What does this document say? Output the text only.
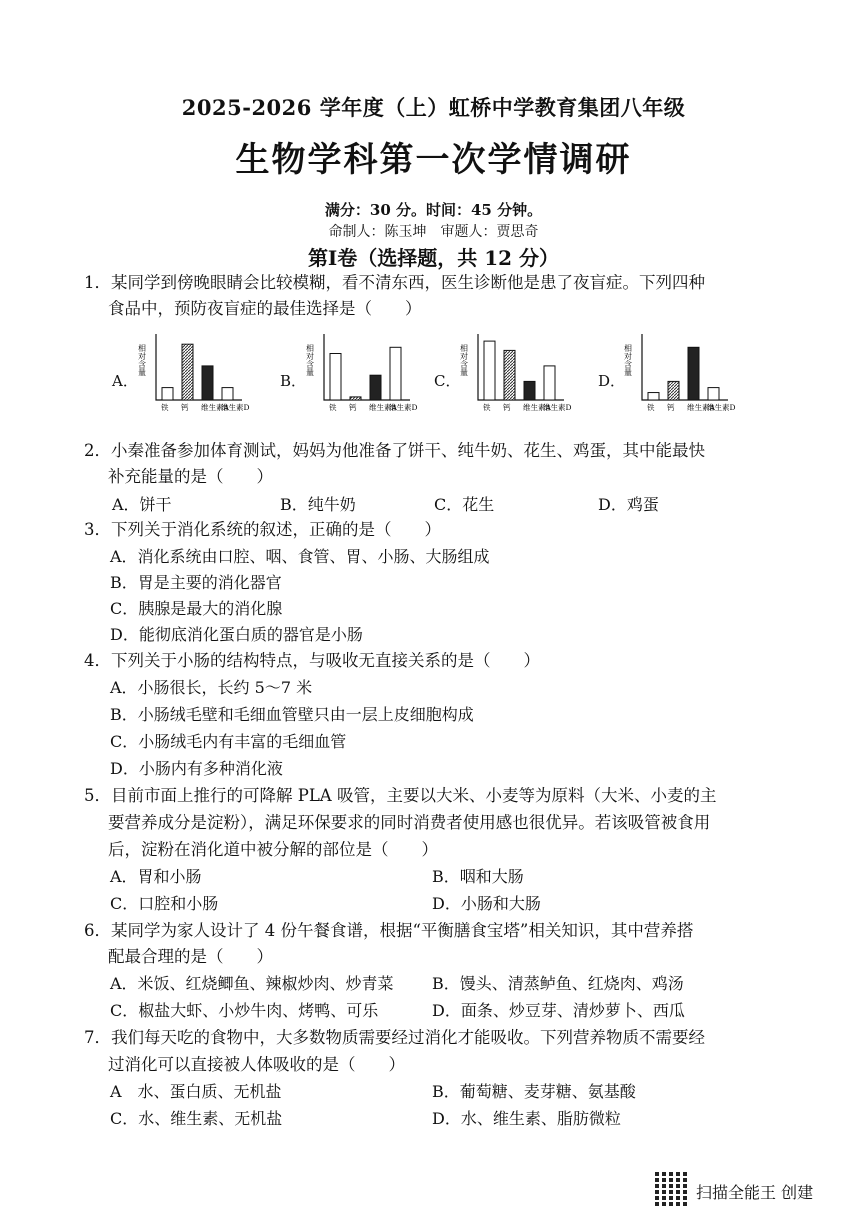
2025-2026 学年度（上）虹桥中学教育集团八年级
生物学科第一次学情调研
满分：30 分。时间：45 分钟。
命制人：陈玉坤　审题人：贾思奇
第Ⅰ卷（选择题，共 12 分）
1．某同学到傍晚眼睛会比较模糊，看不清东西，医生诊断他是患了夜盲症。下列四种
食品中，预防夜盲症的最佳选择是（　　）
A．
相对含量
铁 钙 维生素A
维生素D
B．
相对含量
铁 钙 维生素A
维生素D
C．
相对含量
铁 钙 维生素A
维生素D
D．
相对含量
铁 钙 维生素A
维生素D
2．小秦准备参加体育测试，妈妈为他准备了饼干、纯牛奶、花生、鸡蛋，其中能最快
补充能量的是（　　）
A．饼干	B．纯牛奶	C．花生	D．鸡蛋
3．下列关于消化系统的叙述，正确的是（　　）
A．消化系统由口腔、咽、食管、胃、小肠、大肠组成
B．胃是主要的消化器官
C．胰腺是最大的消化腺
D．能彻底消化蛋白质的器官是小肠
4．下列关于小肠的结构特点，与吸收无直接关系的是（　　）
A．小肠很长，长约 5～7 米
B．小肠绒毛壁和毛细血管壁只由一层上皮细胞构成
C．小肠绒毛内有丰富的毛细血管
D．小肠内有多种消化液
5．目前市面上推行的可降解 PLA 吸管，主要以大米、小麦等为原料（大米、小麦的主
要营养成分是淀粉），满足环保要求的同时消费者使用感也很优异。若该吸管被食用
后，淀粉在消化道中被分解的部位是（　　）
A．胃和小肠	B．咽和大肠
C．口腔和小肠	D．小肠和大肠
6．某同学为家人设计了 4 份午餐食谱，根据“平衡膳食宝塔”相关知识，其中营养搭
配最合理的是（　　）
A．米饭、红烧鲫鱼、辣椒炒肉、炒青菜 B．馒头、清蒸鲈鱼、红烧肉、鸡汤
C．椒盐大虾、小炒牛肉、烤鸭、可乐	D．面条、炒豆芽、清炒萝卜、西瓜
7．我们每天吃的食物中，大多数物质需要经过消化才能吸收。下列营养物质不需要经
过消化可以直接被人体吸收的是（　　）
A　水、蛋白质、无机盐	B．葡萄糖、麦芽糖、氨基酸
C．水、维生素、无机盐	D．水、维生素、脂肪微粒
扫描全能王 创建
